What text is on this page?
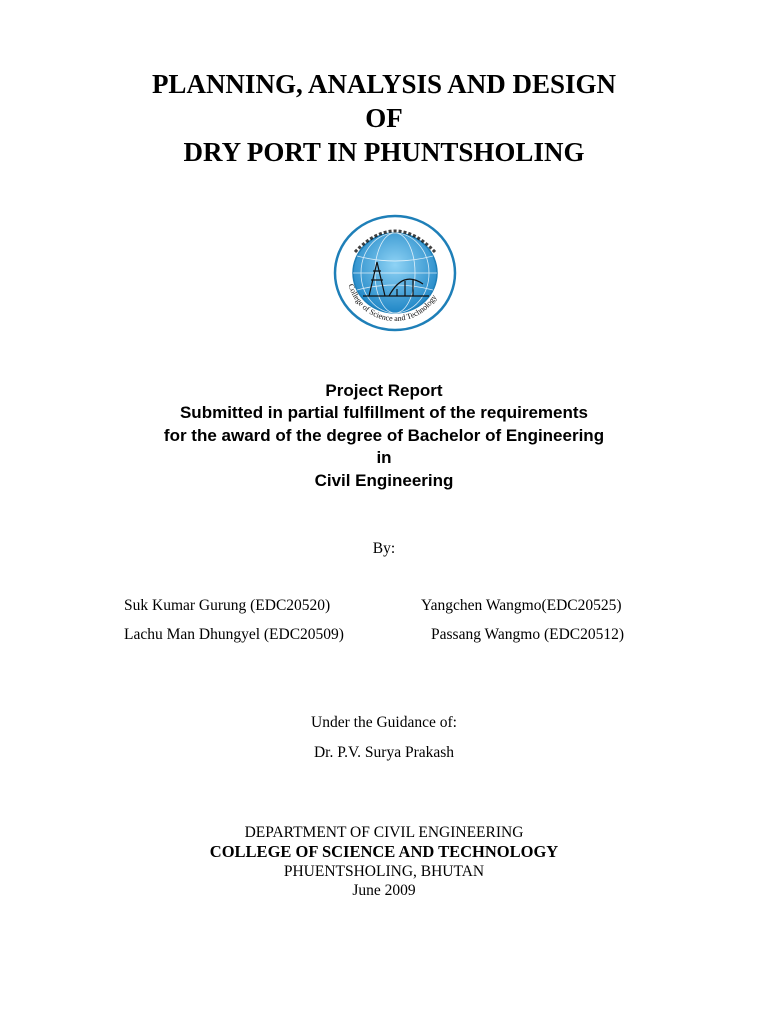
PLANNING, ANALYSIS AND DESIGN
OF
DRY PORT IN PHUNTSHOLING
College of Science and Technology
Project Report
Submitted in partial fulfillment of the requirements
for the award of the degree of Bachelor of Engineering
in
Civil Engineering
By:
Suk Kumar Gurung (EDC20520)	Yangchen Wangmo(EDC20525)
Lachu Man Dhungyel (EDC20509)	Passang Wangmo (EDC20512)
Under the Guidance of:
Dr. P.V. Surya Prakash
DEPARTMENT OF CIVIL ENGINEERING
COLLEGE OF SCIENCE AND TECHNOLOGY
PHUENTSHOLING, BHUTAN
June 2009
